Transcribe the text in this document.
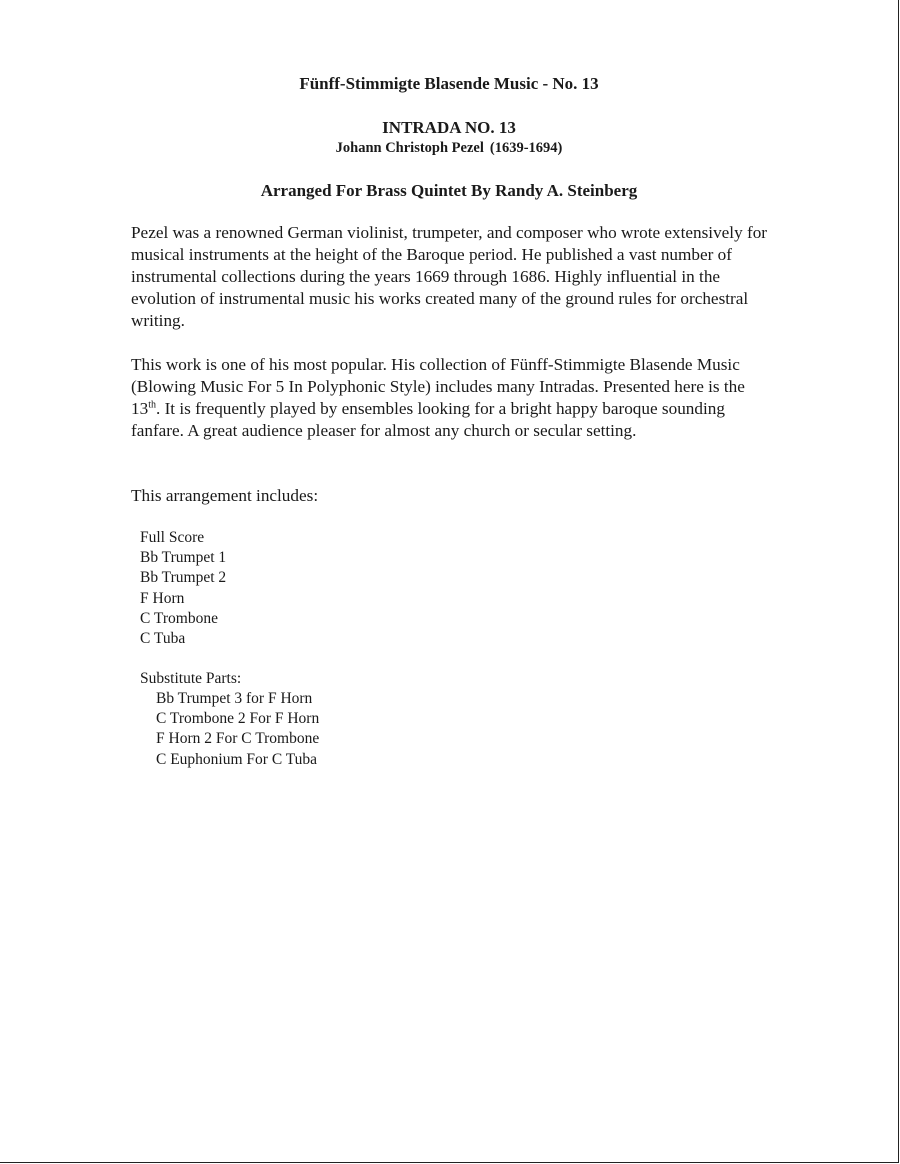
Fünff-Stimmigte Blasende Music - No. 13
INTRADA NO. 13
Johann Christoph Pezel (1639-1694)
Arranged For Brass Quintet By Randy A. Steinberg

Pezel was a renowned German violinist, trumpeter, and composer who wrote extensively for musical instruments at the height of the Baroque period. He published a vast number of instrumental collections during the years 1669 through 1686. Highly influential in the evolution of instrumental music his works created many of the ground rules for orchestral writing.

This work is one of his most popular. His collection of Fünff-Stimmigte Blasende Music (Blowing Music For 5 In Polyphonic Style) includes many Intradas. Presented here is the 13th. It is frequently played by ensembles looking for a bright happy baroque sounding fanfare. A great audience pleaser for almost any church or secular setting.

This arrangement includes:

Full Score
Bb Trumpet 1
Bb Trumpet 2
F Horn
C Trombone
C Tuba
Substitute Parts:
Bb Trumpet 3 for F Horn
C Trombone 2 For F Horn
F Horn 2 For C Trombone
C Euphonium For C Tuba
